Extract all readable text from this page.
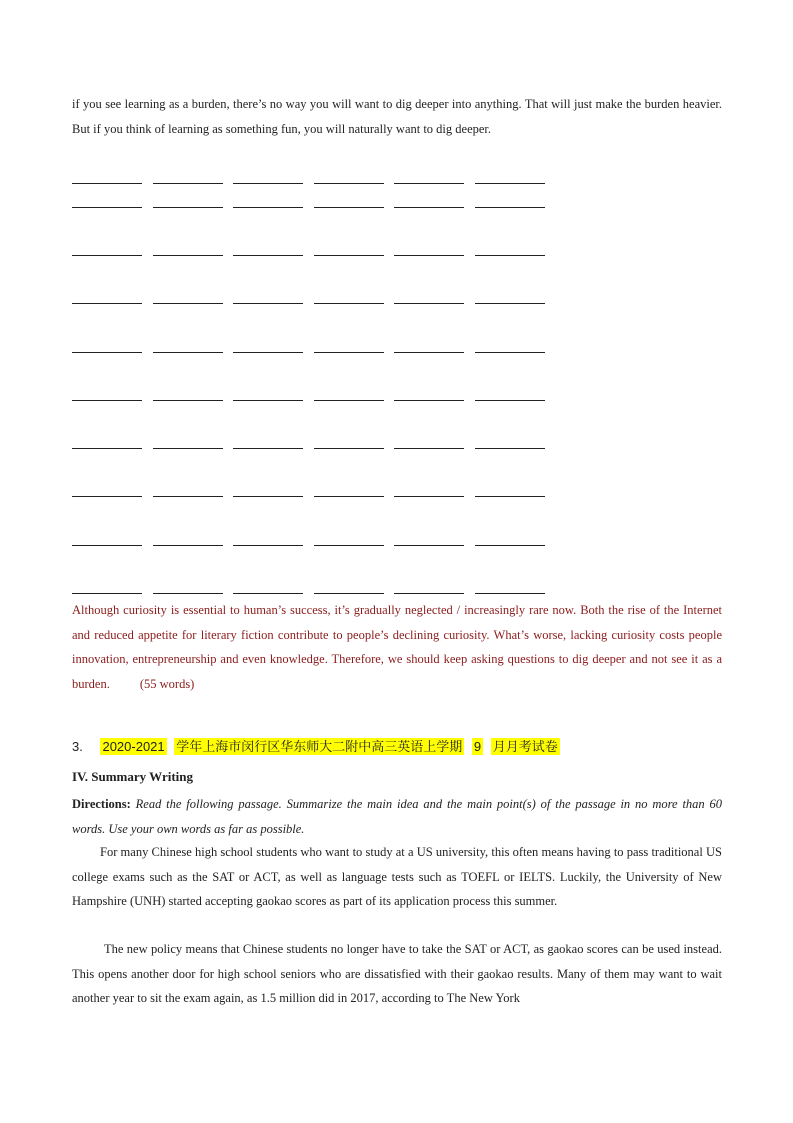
if you see learning as a burden, there’s no way you will want to dig deeper into anything. That will just make the burden heavier. But if you think of learning as something fun, you will naturally want to dig deeper.

Although curiosity is essential to human’s success, it’s gradually neglected / increasingly rare now. Both the rise of the Internet and reduced appetite for literary fiction contribute to people’s declining curiosity. What’s worse, lacking curiosity costs people innovation, entrepreneurship and even knowledge. Therefore, we should keep asking questions to dig deeper and not see it as a burden. (55 words)

3. 2020-2021 学年上海市闵行区华东师大二附中高三英语上学期 9 月月考试卷

IV. Summary Writing

Directions: Read the following passage. Summarize the main idea and the main point(s) of the passage in no more than 60 words. Use your own words as far as possible.

For many Chinese high school students who want to study at a US university, this often means having to pass traditional US college exams such as the SAT or ACT, as well as language tests such as TOEFL or IELTS. Luckily, the University of New Hampshire (UNH) started accepting gaokao scores as part of its application process this summer.

The new policy means that Chinese students no longer have to take the SAT or ACT, as gaokao scores can be used instead. This opens another door for high school seniors who are dissatisfied with their gaokao results. Many of them may want to wait another year to sit the exam again, as 1.5 million did in 2017, according to The New York
